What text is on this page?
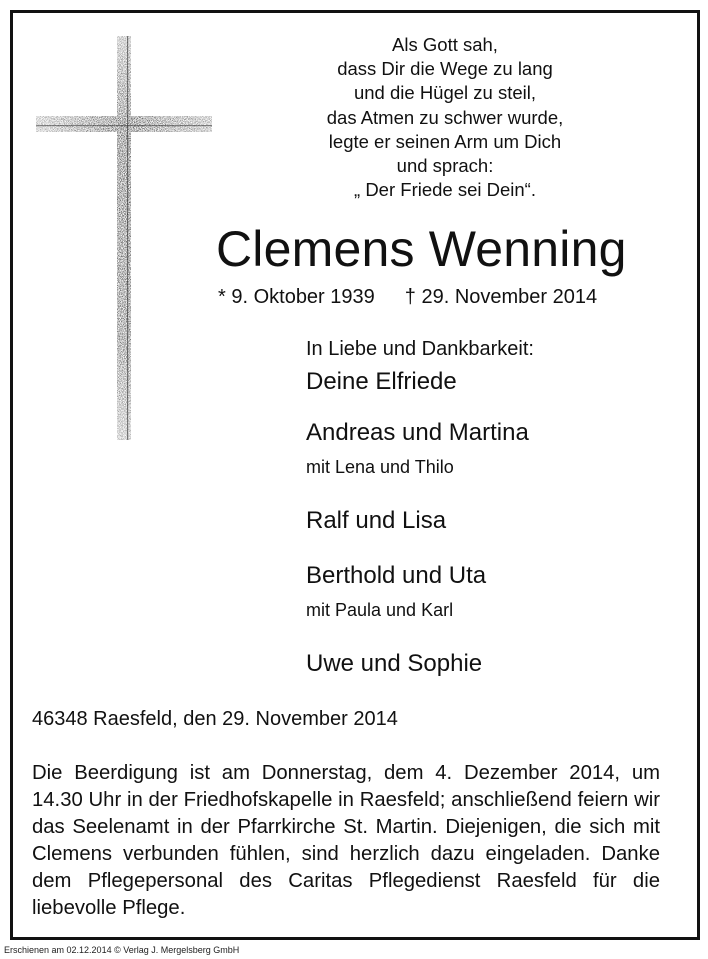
Als Gott sah,
dass Dir die Wege zu lang
und die Hügel zu steil,
das Atmen zu schwer wurde,
legte er seinen Arm um Dich
und sprach:
„ Der Friede sei Dein“.
Clemens Wenning
* 9. Oktober 1939 † 29. November 2014
In Liebe und Dankbarkeit:
Deine Elfriede
Andreas und Martina
mit Lena und Thilo
Ralf und Lisa
Berthold und Uta
mit Paula und Karl
Uwe und Sophie
46348 Raesfeld, den 29. November 2014
Die Beerdigung ist am Donnerstag, dem 4. Dezember 2014, um 14.30 Uhr in der Friedhofskapelle in Raesfeld; anschließend feiern wir das Seelenamt in der Pfarrkirche St. Martin. Diejenigen, die sich mit Clemens verbunden fühlen, sind herzlich dazu eingeladen. Danke dem Pflegepersonal des Caritas Pflegedienst Raesfeld für die liebevolle Pflege.
Erschienen am 02.12.2014 © Verlag J. Mergelsberg GmbH
